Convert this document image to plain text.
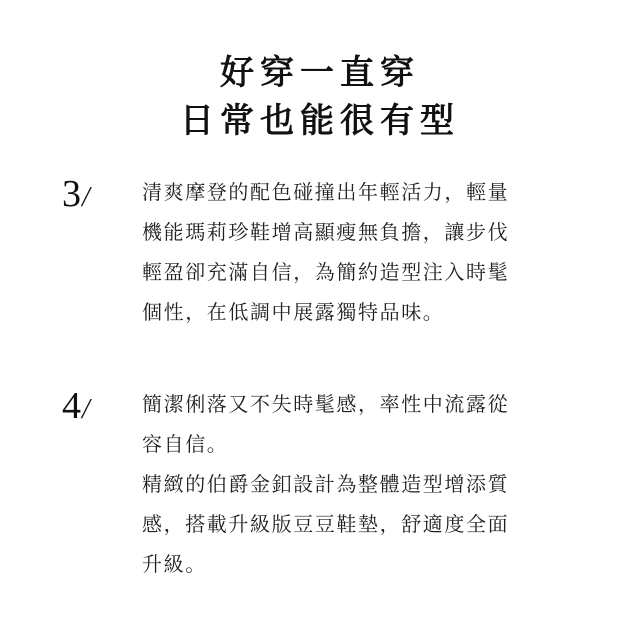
好穿一直穿
日常也能很有型
3/	清爽摩登的配色碰撞出年輕活力，輕量
機能瑪莉珍鞋增高顯瘦無負擔，讓步伐
輕盈卻充滿自信，為簡約造型注入時髦
個性，在低調中展露獨特品味。
4/	簡潔俐落又不失時髦感，率性中流露從
容自信。
精緻的伯爵金釦設計為整體造型增添質
感，搭載升級版豆豆鞋墊，舒適度全面
升級。
